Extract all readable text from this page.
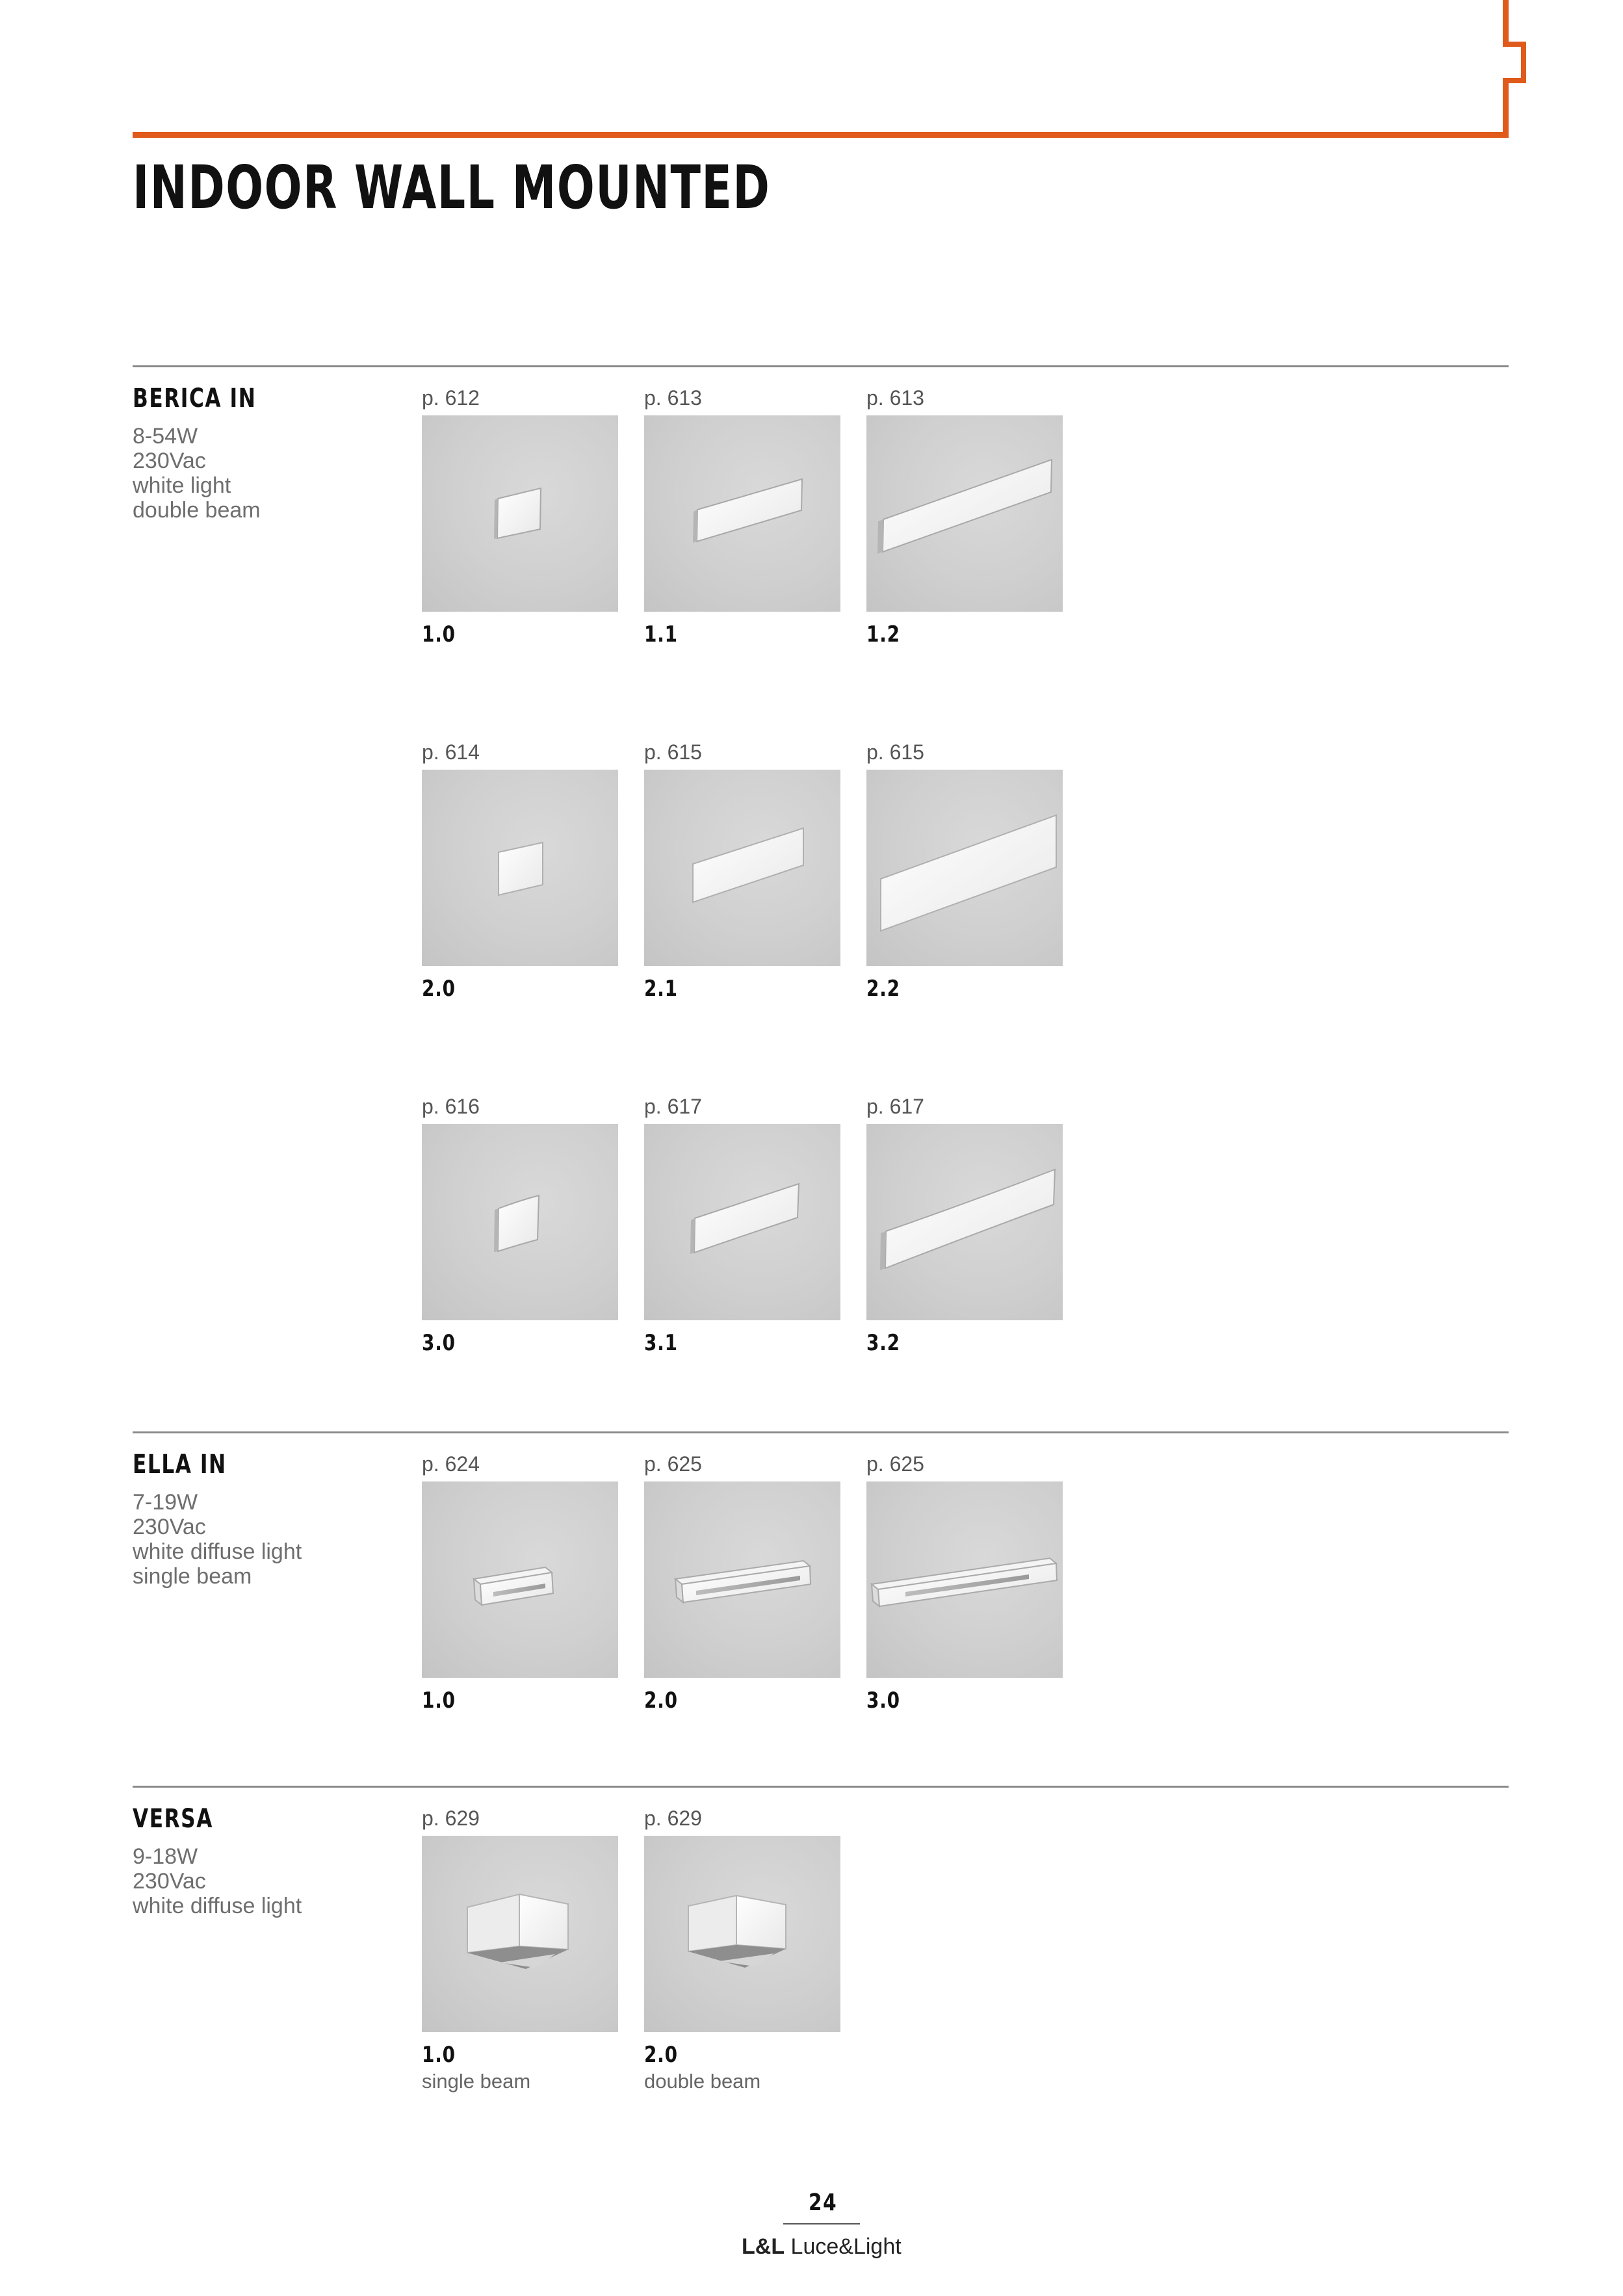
INDOOR WALL MOUNTED
BERICA IN
8-54W
230Vac
white light
double beam
p. 612
1.0
p. 613
1.1
p. 613
1.2
p. 614
2.0
p. 615
2.1
p. 615
2.2
p. 616
3.0
p. 617
3.1
p. 617
3.2
ELLA IN
7-19W
230Vac
white diffuse light
single beam
p. 624
1.0
p. 625
2.0
p. 625
3.0
VERSA
9-18W
230Vac
white diffuse light
p. 629
1.0
single beam
p. 629
2.0
double beam
24
L&L Luce&Light
